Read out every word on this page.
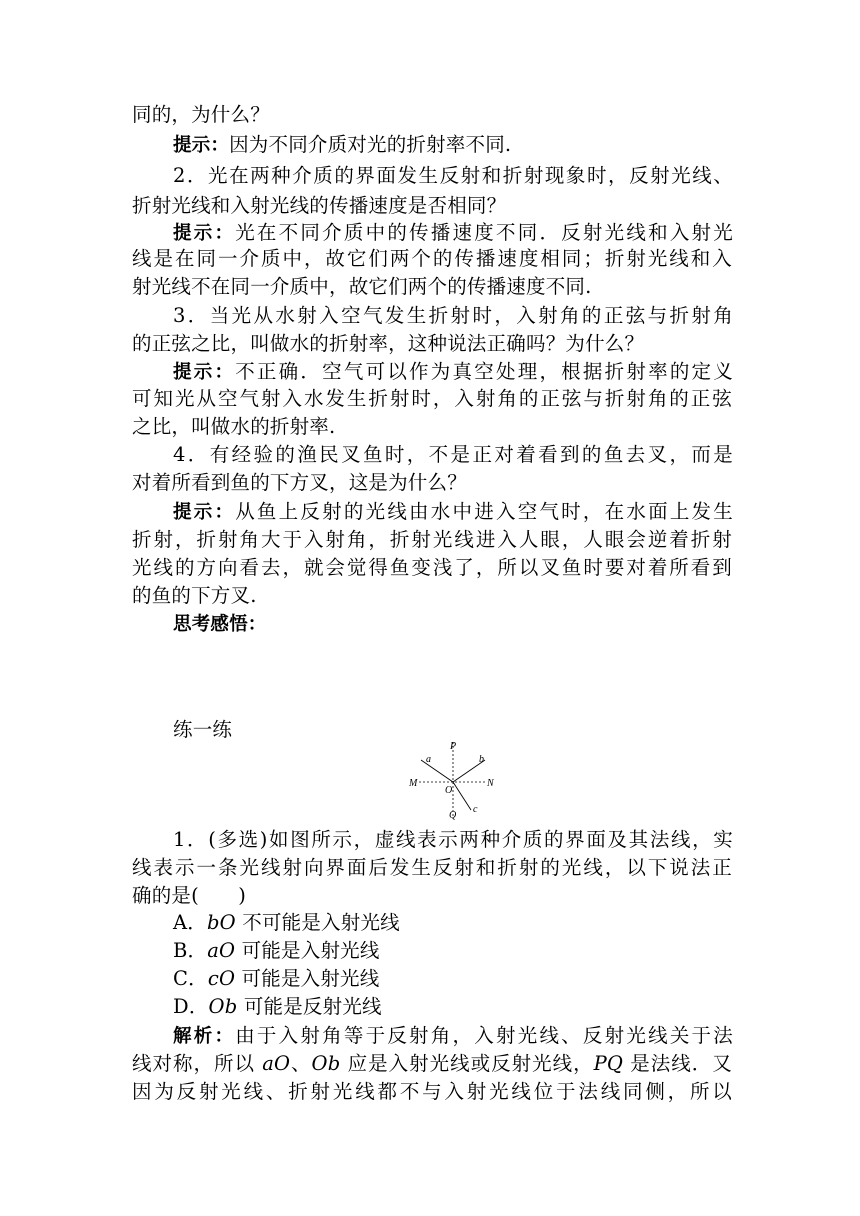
同的，为什么？
提示：因为不同介质对光的折射率不同.
2．光在两种介质的界面发生反射和折射现象时，反射光线、
折射光线和入射光线的传播速度是否相同？
提示：光在不同介质中的传播速度不同．反射光线和入射光
线是在同一介质中，故它们两个的传播速度相同；折射光线和入
射光线不在同一介质中，故它们两个的传播速度不同.
3．当光从水射入空气发生折射时，入射角的正弦与折射角
的正弦之比，叫做水的折射率，这种说法正确吗？为什么？
提示：不正确．空气可以作为真空处理，根据折射率的定义
可知光从空气射入水发生折射时，入射角的正弦与折射角的正弦
之比，叫做水的折射率.
4．有经验的渔民叉鱼时，不是正对着看到的鱼去叉，而是
对着所看到鱼的下方叉，这是为什么？
提示：从鱼上反射的光线由水中进入空气时，在水面上发生
折射，折射角大于入射角，折射光线进入人眼，人眼会逆着折射
光线的方向看去，就会觉得鱼变浅了，所以叉鱼时要对着所看到
的鱼的下方叉.
思考感悟：
练一练
P
a	b
M	N
O
Q
c
1．(多选)如图所示，虚线表示两种介质的界面及其法线，实
线表示一条光线射向界面后发生反射和折射的光线，以下说法正
确的是(　　)
A．bO 不可能是入射光线
B．aO 可能是入射光线
C．cO 可能是入射光线
D．Ob 可能是反射光线
解析：由于入射角等于反射角，入射光线、反射光线关于法
线对称，所以 aO、Ob 应是入射光线或反射光线，PQ 是法线．又
因为反射光线、折射光线都不与入射光线位于法线同侧，所以
